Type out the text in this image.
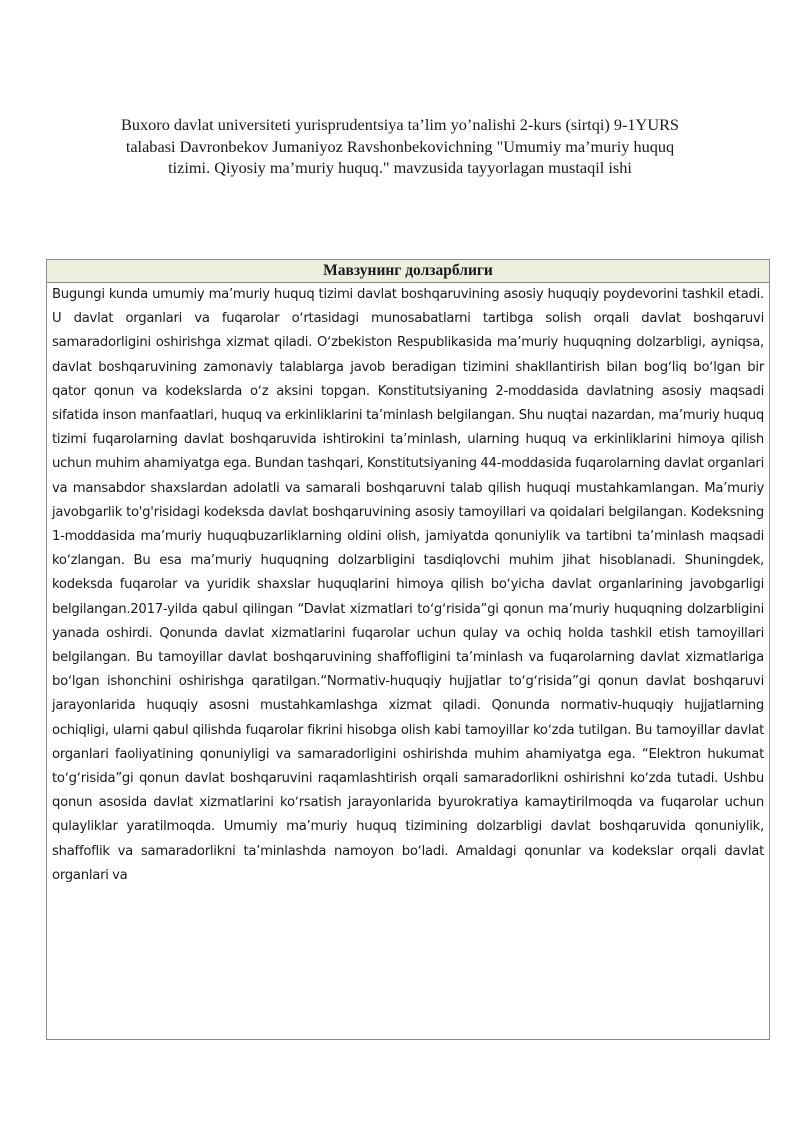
Buxoro davlat universiteti yurisprudentsiya ta’lim yo’nalishi 2-kurs (sirtqi) 9-1YURS talabasi Davronbekov Jumaniyoz Ravshonbekovichning "Umumiy ma’muriy huquq tizimi. Qiyosiy ma’muriy huquq." mavzusida tayyorlagan mustaqil ishi
Мавзунинг долзарблиги

Bugungi kunda umumiy ma’muriy huquq tizimi davlat boshqaruvining asosiy huquqiy poydevorini tashkil etadi. U davlat organlari va fuqarolar oʻrtasidagi munosabatlarni tartibga solish orqali davlat boshqaruvi samaradorligini oshirishga xizmat qiladi. Oʻzbekiston Respublikasida ma’muriy huquqning dolzarbligi, ayniqsa, davlat boshqaruvining zamonaviy talablarga javob beradigan tizimini shakllantirish bilan bogʻliq boʻlgan bir qator qonun va kodekslarda oʻz aksini topgan. Konstitutsiyaning 2-moddasida davlatning asosiy maqsadi sifatida inson manfaatlari, huquq va erkinliklarini ta’minlash belgilangan. Shu nuqtai nazardan, ma’muriy huquq tizimi fuqarolarning davlat boshqaruvida ishtirokini ta’minlash, ularning huquq va erkinliklarini himoya qilish uchun muhim ahamiyatga ega. Bundan tashqari, Konstitutsiyaning 44-moddasida fuqarolarning davlat organlari va mansabdor shaxslardan adolatli va samarali boshqaruvni talab qilish huquqi mustahkamlangan. Ma’muriy javobgarlik to'g'risidagi kodeksda davlat boshqaruvining asosiy tamoyillari va qoidalari belgilangan. Kodeksning 1-moddasida ma’muriy huquqbuzarliklarning oldini olish, jamiyatda qonuniylik va tartibni ta’minlash maqsadi koʻzlangan. Bu esa ma’muriy huquqning dolzarbligini tasdiqlovchi muhim jihat hisoblanadi. Shuningdek, kodeksda fuqarolar va yuridik shaxslar huquqlarini himoya qilish boʻyicha davlat organlarining javobgarligi belgilangan.2017-yilda qabul qilingan “Davlat xizmatlari toʻgʻrisida”gi qonun ma’muriy huquqning dolzarbligini yanada oshirdi. Qonunda davlat xizmatlarini fuqarolar uchun qulay va ochiq holda tashkil etish tamoyillari belgilangan. Bu tamoyillar davlat boshqaruvining shaffofligini ta’minlash va fuqarolarning davlat xizmatlariga boʻlgan ishonchini oshirishga qaratilgan.“Normativ-huquqiy hujjatlar toʻgʻrisida”gi qonun davlat boshqaruvi jarayonlarida huquqiy asosni mustahkamlashga xizmat qiladi. Qonunda normativ-huquqiy hujjatlarning ochiqligi, ularni qabul qilishda fuqarolar fikrini hisobga olish kabi tamoyillar koʻzda tutilgan. Bu tamoyillar davlat organlari faoliyatining qonuniyligi va samaradorligini oshirishda muhim ahamiyatga ega. “Elektron hukumat toʻgʻrisida”gi qonun davlat boshqaruvini raqamlashtirish orqali samaradorlikni oshirishni koʻzda tutadi. Ushbu qonun asosida davlat xizmatlarini koʻrsatish jarayonlarida byurokratiya kamaytirilmoqda va fuqarolar uchun qulayliklar yaratilmoqda. Umumiy ma’muriy huquq tizimining dolzarbligi davlat boshqaruvida qonuniylik, shaffoflik va samaradorlikni ta’minlashda namoyon boʻladi. Amaldagi qonunlar va kodekslar orqali davlat organlari va
